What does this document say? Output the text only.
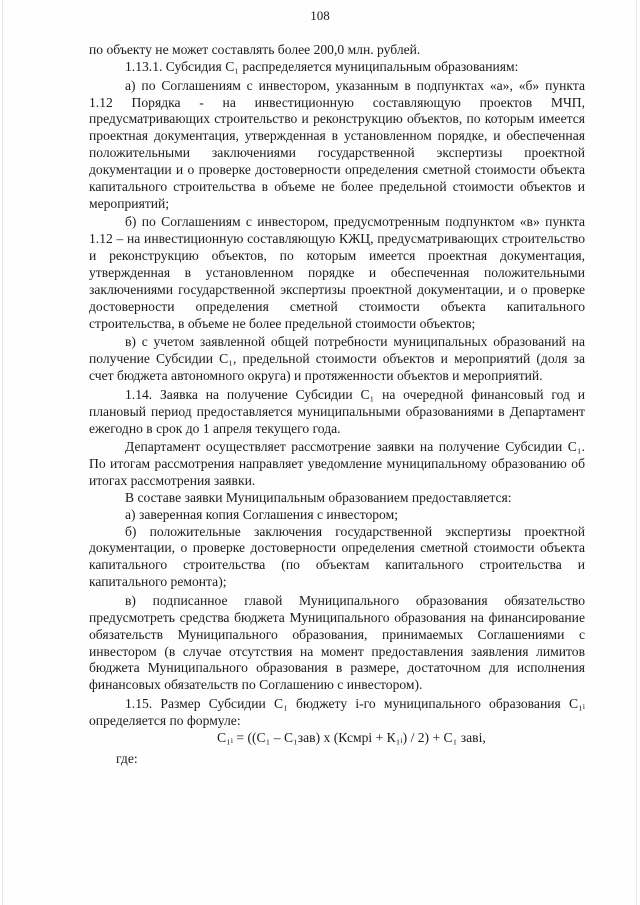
108

по объекту не может составлять более 200,0 млн. рублей.

1.13.1. Субсидия С₁ распределяется муниципальным образованиям:

а) по Соглашениям с инвестором, указанным в подпунктах «а», «б» пункта 1.12 Порядка - на инвестиционную составляющую проектов МЧП, предусматривающих строительство и реконструкцию объектов, по которым имеется проектная документация, утвержденная в установленном порядке, и обеспеченная положительными заключениями государственной экспертизы проектной документации и о проверке достоверности определения сметной стоимости объекта капитального строительства в объеме не более предельной стоимости объектов и мероприятий;

б) по Соглашениям с инвестором, предусмотренным подпунктом «в» пункта 1.12 – на инвестиционную составляющую КЖЦ, предусматривающих строительство и реконструкцию объектов, по которым имеется проектная документация, утвержденная в установленном порядке и обеспеченная положительными заключениями государственной экспертизы проектной документации, и о проверке достоверности определения сметной стоимости объекта капитального строительства, в объеме не более предельной стоимости объектов;

в) с учетом заявленной общей потребности муниципальных образований на получение Субсидии С₁, предельной стоимости объектов и мероприятий (доля за счет бюджета автономного округа) и протяженности объектов и мероприятий.

1.14. Заявка на получение Субсидии С₁ на очередной финансовый год и плановый период предоставляется муниципальными образованиями в Департамент ежегодно в срок до 1 апреля текущего года.

Департамент осуществляет рассмотрение заявки на получение Субсидии С₁. По итогам рассмотрения направляет уведомление муниципальному образованию об итогах рассмотрения заявки.

В составе заявки Муниципальным образованием предоставляется:

а) заверенная копия Соглашения с инвестором;

б) положительные заключения государственной экспертизы проектной документации, о проверке достоверности определения сметной стоимости объекта капитального строительства (по объектам капитального строительства и капитального ремонта);

в) подписанное главой Муниципального образования обязательство предусмотреть средства бюджета Муниципального образования на финансирование обязательств Муниципального образования, принимаемых Соглашениями с инвестором (в случае отсутствия на момент предоставления заявления лимитов бюджета Муниципального образования в размере, достаточном для исполнения финансовых обязательств по Соглашению с инвестором).

1.15. Размер Субсидии С₁ бюджету i-го муниципального образования С₁ᵢ определяется по формуле:

С₁ᵢ = ((С₁ – С₁зав) х (Ксмрi + К₁ᵢ) / 2) + С₁ завi,

где:
